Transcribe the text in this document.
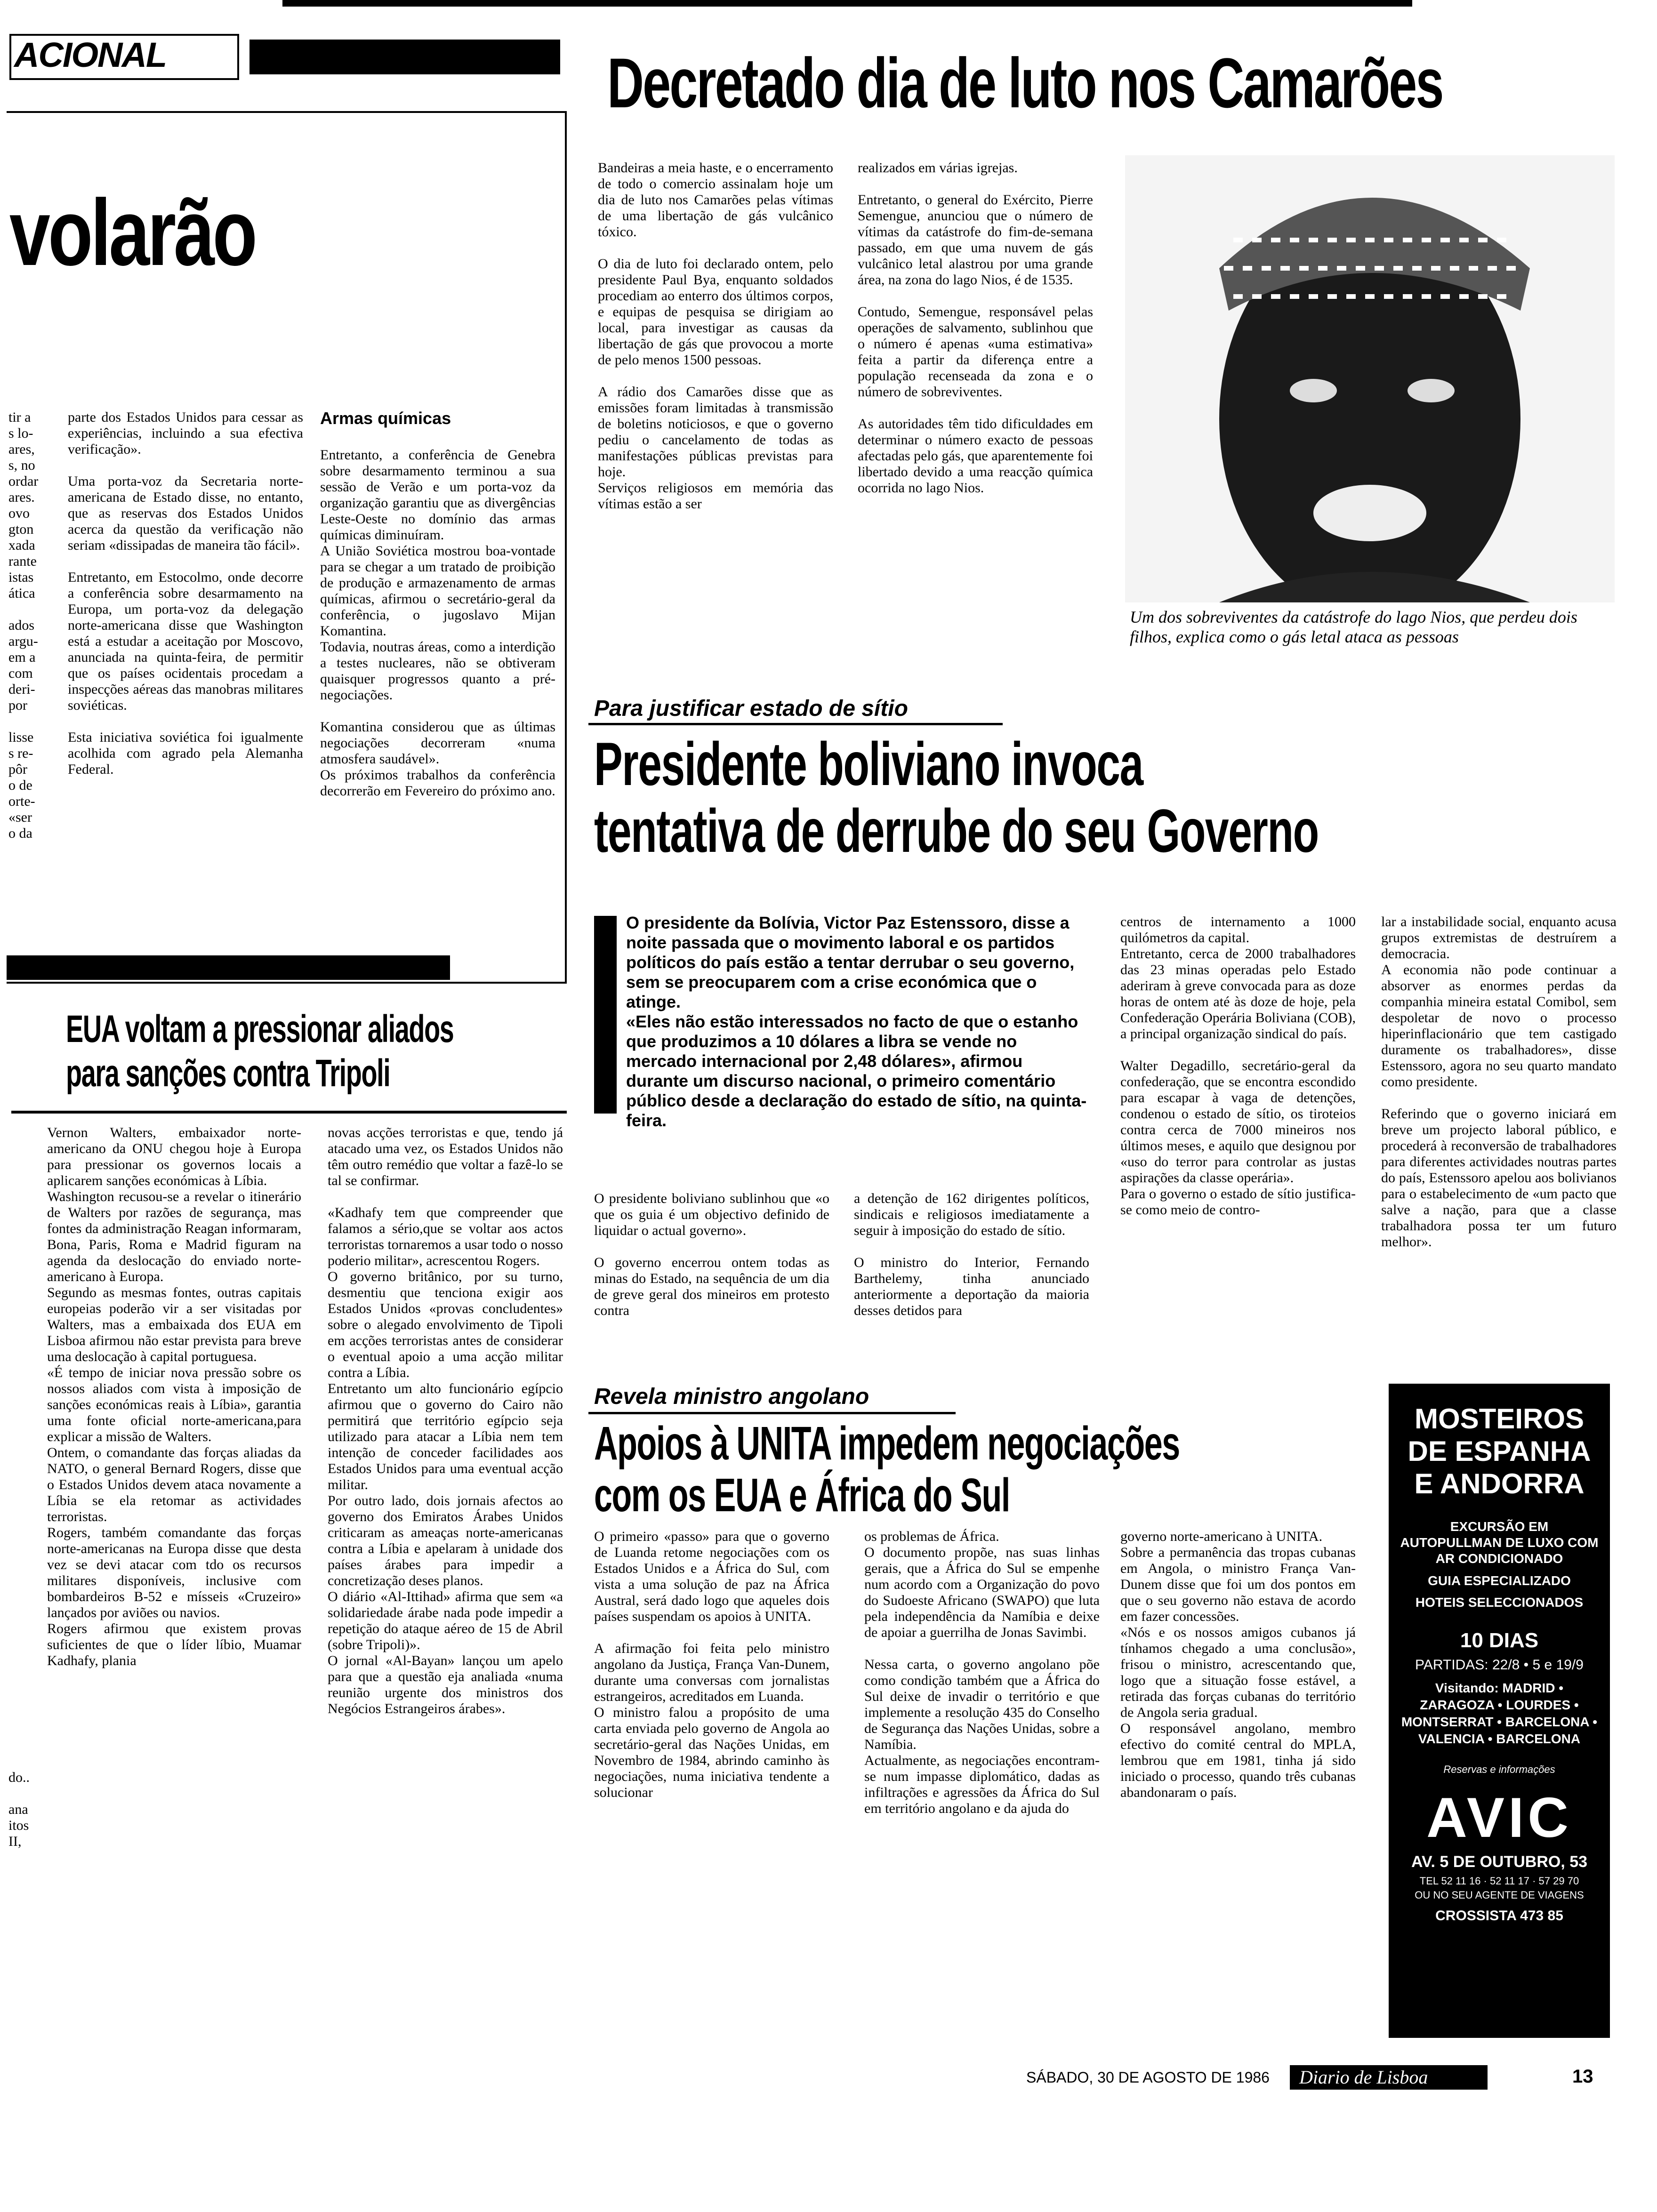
ACIONAL
volarão
tir a
s lo-
ares,
s, no
ordar
ares.
ovo
gton
xada
rante
istas
ática

ados
argu-
em a
com
deri-
por

lisse
s re-
pôr
o de
orte-
«ser
o da
parte dos Estados Unidos para cessar as experiências, incluindo a sua efectiva verificação».

Uma porta-voz da Secretaria norte-americana de Estado disse, no entanto, que as reservas dos Estados Unidos acerca da questão da verificação não seriam «dissipadas de maneira tão fácil».

Entretanto, em Estocolmo, onde decorre a conferência sobre desarmamento na Europa, um porta-voz da delegação norte-americana disse que Washington está a estudar a aceitação por Moscovo, anunciada na quinta-feira, de permitir que os países ocidentais procedam a inspecções aéreas das manobras militares soviéticas.

Esta iniciativa soviética foi igualmente acolhida com agrado pela Alemanha Federal.
Armas químicas
Entretanto, a conferência de Genebra sobre desarmamento terminou a sua sessão de Verão e um porta-voz da organização garantiu que as divergências Leste-Oeste no domínio das armas químicas diminuíram.
A União Soviética mostrou boa-vontade para se chegar a um tratado de proibição de produção e armazenamento de armas químicas, afirmou o secretário-geral da conferência, o jugoslavo Mijan Komantina.
Todavia, noutras áreas, como a interdição a testes nucleares, não se obtiveram quaisquer progressos quanto a pré-negociações.

Komantina considerou que as últimas negociações decorreram «numa atmosfera saudável».
Os próximos trabalhos da conferência decorrerão em Fevereiro do próximo ano.
Decretado dia de luto nos Camarões
Bandeiras a meia haste, e o encerramento de todo o comercio assinalam hoje um dia de luto nos Camarões pelas vítimas de uma libertação de gás vulcânico tóxico.

O dia de luto foi declarado ontem, pelo presidente Paul Bya, enquanto soldados procediam ao enterro dos últimos corpos, e equipas de pesquisa se dirigiam ao local, para investigar as causas da libertação de gás que provocou a morte de pelo menos 1500 pessoas.

A rádio dos Camarões disse que as emissões foram limitadas à transmissão de boletins noticiosos, e que o governo pediu o cancelamento de todas as manifestações públicas previstas para hoje.
Serviços religiosos em memória das vítimas estão a ser
realizados em várias igrejas.

Entretanto, o general do Exército, Pierre Semengue, anunciou que o número de vítimas da catástrofe do fim-de-semana passado, em que uma nuvem de gás vulcânico letal alastrou por uma grande área, na zona do lago Nios, é de 1535.

Contudo, Semengue, responsável pelas operações de salvamento, sublinhou que o número é apenas «uma estimativa» feita a partir da diferença entre a população recenseada da zona e o número de sobreviventes.

As autoridades têm tido dificuldades em determinar o número exacto de pessoas afectadas pelo gás, que aparentemente foi libertado devido a uma reacção química ocorrida no lago Nios.
Um dos sobreviventes da catástrofe do lago Nios, que perdeu dois filhos, explica como o gás letal ataca as pessoas
Para justificar estado de sítio
Presidente boliviano invoca
tentativa de derrube do seu Governo
O presidente da Bolívia, Victor Paz Estenssoro, disse a noite passada que o movimento laboral e os partidos políticos do país estão a tentar derrubar o seu governo, sem se preocuparem com a crise económica que o atinge.
«Eles não estão interessados no facto de que o estanho que produzimos a 10 dólares a libra se vende no mercado internacional por 2,48 dólares», afirmou durante um discurso nacional, o primeiro comentário público desde a declaração do estado de sítio, na quinta-feira.
O presidente boliviano sublinhou que «o que os guia é um objectivo definido de liquidar o actual governo».

O governo encerrou ontem todas as minas do Estado, na sequência de um dia de greve geral dos mineiros em protesto contra
a detenção de 162 dirigentes políticos, sindicais e religiosos imediatamente a seguir à imposição do estado de sítio.

O ministro do Interior, Fernando Barthelemy, tinha anunciado anteriormente a deportação da maioria desses detidos para
centros de internamento a 1000 quilómetros da capital.
Entretanto, cerca de 2000 trabalhadores das 23 minas operadas pelo Estado aderiram à greve convocada para as doze horas de ontem até às doze de hoje, pela Confederação Operária Boliviana (COB), a principal organização sindical do país.

Walter Degadillo, secretário-geral da confederação, que se encontra escondido para escapar à vaga de detenções, condenou o estado de sítio, os tiroteios contra cerca de 7000 mineiros nos últimos meses, e aquilo que designou por «uso do terror para controlar as justas aspirações da classe operária».
Para o governo o estado de sítio justifica-se como meio de contro-
lar a instabilidade social, enquanto acusa grupos extremistas de destruírem a democracia.
A economia não pode continuar a absorver as enormes perdas da companhia mineira estatal Comibol, sem despoletar de novo o processo hiperinflacionário que tem castigado duramente os trabalhadores», disse Estenssoro, agora no seu quarto mandato como presidente.

Referindo que o governo iniciará em breve um projecto laboral público, e procederá à reconversão de trabalhadores para diferentes actividades noutras partes do país, Estenssoro apelou aos bolivianos para o estabelecimento de «um pacto que salve a nação, para que a classe trabalhadora possa ter um futuro melhor».
EUA voltam a pressionar aliados
para sanções contra Tripoli
do..

ana
itos
II,
Vernon Walters, embaixador norte-americano da ONU chegou hoje à Europa para pressionar os governos locais a aplicarem sanções económicas à Líbia.
Washington recusou-se a revelar o itinerário de Walters por razões de segurança, mas fontes da administração Reagan informaram, Bona, Paris, Roma e Madrid figuram na agenda da deslocação do enviado norte-americano à Europa.
Segundo as mesmas fontes, outras capitais europeias poderão vir a ser visitadas por Walters, mas a embaixada dos EUA em Lisboa afirmou não estar prevista para breve uma deslocação à capital portuguesa.
«É tempo de iniciar nova pressão sobre os nossos aliados com vista à imposição de sanções económicas reais à Líbia», garantia uma fonte oficial norte-americana,para explicar a missão de Walters.
Ontem, o comandante das forças aliadas da NATO, o general Bernard Rogers, disse que o Estados Unidos devem ataca novamente a Líbia se ela retomar as actividades terroristas.
Rogers, também comandante das forças norte-americanas na Europa disse que desta vez se devi atacar com tdo os recursos militares disponíveis, inclusive com bombardeiros B-52 e mísseis «Cruzeiro» lançados por aviões ou navios.
Rogers afirmou que existem provas suficientes de que o líder líbio, Muamar Kadhafy, plania
novas acções terroristas e que, tendo já atacado uma vez, os Estados Unidos não têm outro remédio que voltar a fazê-lo se tal se confirmar.

«Kadhafy tem que compreender que falamos a sério,que se voltar aos actos terroristas tornaremos a usar todo o nosso poderio militar», acrescentou Rogers.
O governo britânico, por su turno, desmentiu que tenciona exigir aos Estados Unidos «provas concludentes» sobre o alegado envolvimento de Tipoli em acções terroristas antes de considerar o eventual apoio a uma acção militar contra a Líbia.
Entretanto um alto funcionário egípcio afirmou que o governo do Cairo não permitirá que território egípcio seja utilizado para atacar a Líbia nem tem intenção de conceder facilidades aos Estados Unidos para uma eventual acção militar.
Por outro lado, dois jornais afectos ao governo dos Emiratos Árabes Unidos criticaram as ameaças norte-americanas contra a Líbia e apelaram à unidade dos países árabes para impedir a concretização deses planos.
O diário «Al-Ittihad» afirma que sem «a solidariedade árabe nada pode impedir a repetição do ataque aéreo de 15 de Abril (sobre Tripoli)».
O jornal «Al-Bayan» lançou um apelo para que a questão eja analiada «numa reunião urgente dos ministros dos Negócios Estrangeiros árabes».
Revela ministro angolano
Apoios à UNITA impedem negociações
com os EUA e África do Sul
O primeiro «passo» para que o governo de Luanda retome negociações com os Estados Unidos e a África do Sul, com vista a uma solução de paz na África Austral, será dado logo que aqueles dois países suspendam os apoios à UNITA.

A afirmação foi feita pelo ministro angolano da Justiça, França Van-Dunem, durante uma conversas com jornalistas estrangeiros, acreditados em Luanda.
O ministro falou a propósito de uma carta enviada pelo governo de Angola ao secretário-geral das Nações Unidas, em Novembro de 1984, abrindo caminho às negociações, numa iniciativa tendente a solucionar
os problemas de África.
O documento propõe, nas suas linhas gerais, que a África do Sul se empenhe num acordo com a Organização do povo do Sudoeste Africano (SWAPO) que luta pela independência da Namíbia e deixe de apoiar a guerrilha de Jonas Savimbi.

Nessa carta, o governo angolano põe como condição também que a África do Sul deixe de invadir o território e que implemente a resolução 435 do Conselho de Segurança das Nações Unidas, sobre a Namíbia.
Actualmente, as negociações encontram-se num impasse diplomático, dadas as infiltrações e agressões da África do Sul em território angolano e da ajuda do
governo norte-americano à UNITA.
Sobre a permanência das tropas cubanas em Angola, o ministro França Van-Dunem disse que foi um dos pontos em que o seu governo não estava de acordo em fazer concessões.
«Nós e os nossos amigos cubanos já tínhamos chegado a uma conclusão», frisou o ministro, acrescentando que, logo que a situação fosse estável, a retirada das forças cubanas do território de Angola seria gradual.
O responsável angolano, membro efectivo do comité central do MPLA, lembrou que em 1981, tinha já sido iniciado o processo, quando três cubanas abandonaram o país.
MOSTEIROS
DE ESPANHA
E ANDORRA
EXCURSÃO EM AUTOPULLMAN DE LUXO COM AR CONDICIONADO
GUIA ESPECIALIZADO
HOTEIS SELECCIONADOS
10 DIAS
PARTIDAS: 22/8 • 5 e 19/9
Visitando: MADRID • ZARAGOZA • LOURDES • MONTSERRAT • BARCELONA • VALENCIA • BARCELONA
Reservas e informações
AVIC
AV. 5 DE OUTUBRO, 53
TEL 52 11 16 · 52 11 17 · 57 29 70
OU NO SEU AGENTE DE VIAGENS
CROSSISTA 473 85
SÁBADO, 30 DE AGOSTO DE 1986 Diario de Lisboa	13
